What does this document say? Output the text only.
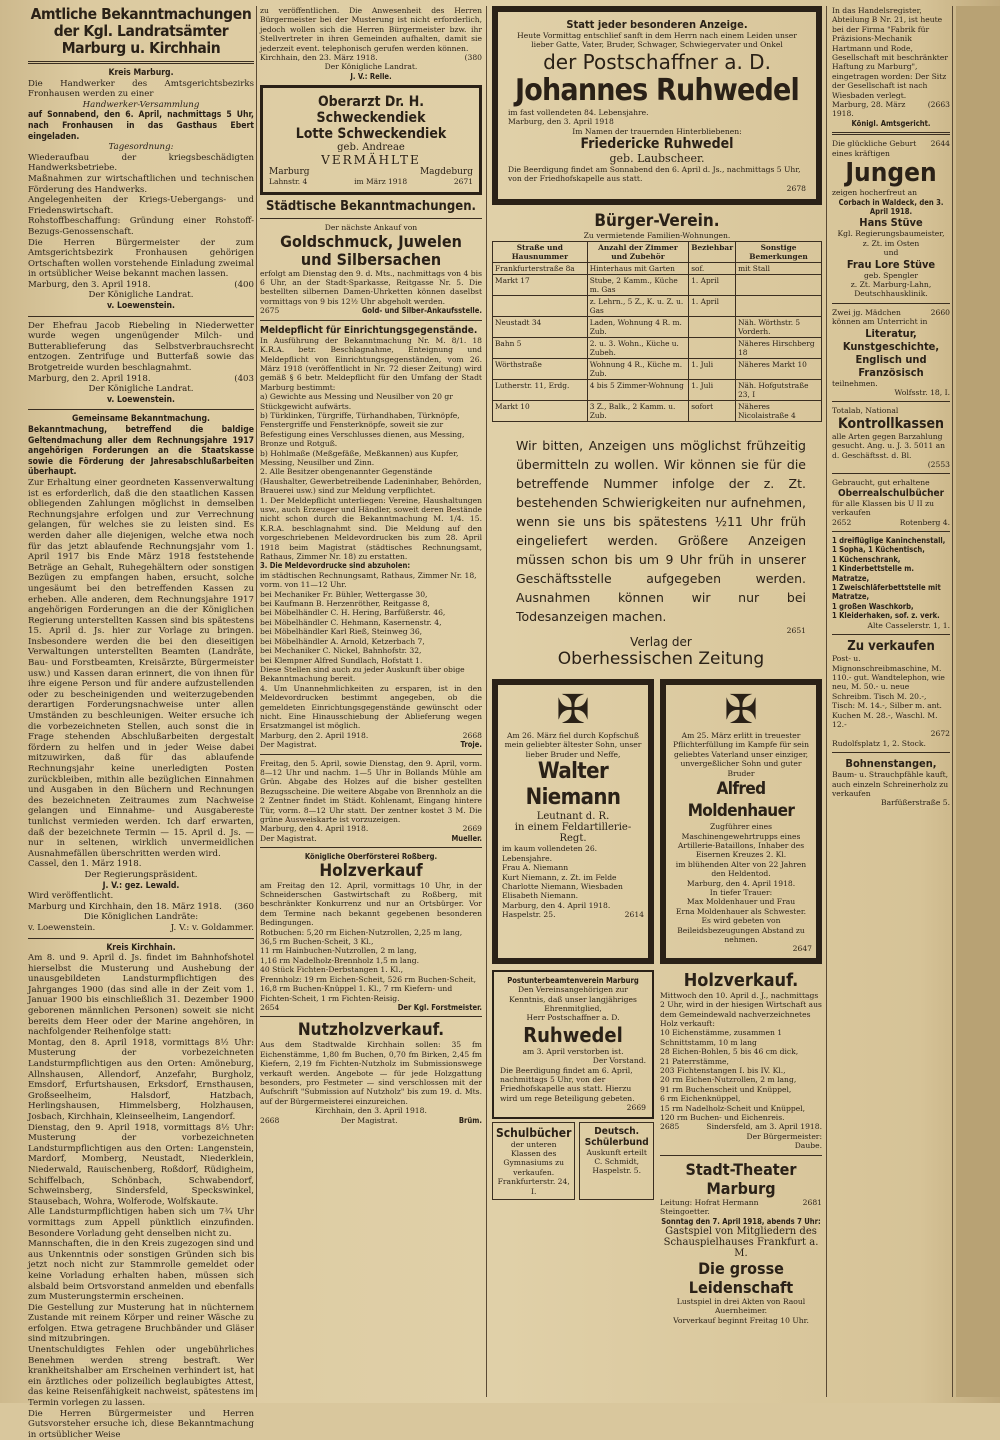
Amtliche Bekanntmachungen der Kgl. Landratsämter Marburg u. Kirchhain
Kreis Marburg.
Die Handwerker des Amtsgerichtsbezirks Fronhausen werden zu einer
Handwerker-Versammlung
auf Sonnabend, den 6. April, nachmittags 5 Uhr, nach Fronhausen in das Gasthaus Ebert eingeladen.
Tagesordnung:
Wiederaufbau der kriegsbeschädigten Handwerksbetriebe.
Maßnahmen zur wirtschaftlichen und technischen Förderung des Handwerks.
Angelegenheiten der Kriegs-Uebergangs- und Friedenswirtschaft.
Rohstoffbeschaffung: Gründung einer Rohstoff-Bezugs-Genossenschaft.
Die Herren Bürgermeister der zum Amtsgerichtsbezirk Fronhausen gehörigen Ortschaften wollen vorstehende Einladung zweimal in ortsüblicher Weise bekannt machen lassen.
Marburg, den 3. April 1918.	(400
Der Königliche Landrat.
v. Loewenstein.
Der Ehefrau Jacob Riebeling in Niederwetter wurde wegen ungenügender Milch- und Butterablieferung das Selbstverbrauchsrecht entzogen. Zentrifuge und Butterfaß sowie das Brotgetreide wurden beschlagnahmt.
Marburg, den 2. April 1918.	(403
Der Königliche Landrat.
v. Loewenstein.
Gemeinsame Bekanntmachung.
Bekanntmachung, betreffend die baldige Geltendmachung aller dem Rechnungsjahre 1917 angehörigen Forderungen an die Staatskasse sowie die Förderung der Jahresabschlußarbeiten überhaupt.
Zur Erhaltung einer geordneten Kassenverwaltung ist es erforderlich, daß die den staatlichen Kassen obliegenden Zahlungen möglichst in demselben Rechnungsjahre erfolgen und zur Verrechnung gelangen, für welches sie zu leisten sind. Es werden daher alle diejenigen, welche etwa noch für das jetzt ablaufende Rechnungsjahr vom 1. April 1917 bis Ende März 1918 feststehende Beträge an Gehalt, Ruhegehältern oder sonstigen Bezügen zu empfangen haben, ersucht, solche ungesäumt bei den betreffenden Kassen zu erheben. Alle anderen, dem Rechnungsjahre 1917 angehörigen Forderungen an die der Königlichen Regierung unterstellten Kassen sind bis spätestens 15. April d. Js. hier zur Vorlage zu bringen. Insbesondere werden die bei den dieseitigen Verwaltungen unterstellten Beamten (Landräte, Bau- und Forstbeamten, Kreisärzte, Bürgermeister usw.) und Kassen daran erinnert, die von ihnen für ihre eigene Person und für andere aufzustellenden oder zu bescheinigenden und weiterzugebenden derartigen Forderungsnachweise unter allen Umständen zu beschleunigen. Weiter ersuche ich die vorbezeichneten Stellen, auch sonst die in Frage stehenden Abschlußarbeiten dergestalt fördern zu helfen und in jeder Weise dabei mitzuwirken, daß für das ablaufende Rechnungsjahr keine unerledigten Posten zurückbleiben, mithin alle bezüglichen Einnahmen und Ausgaben in den Büchern und Rechnungen des bezeichneten Zeitraumes zum Nachweise gelangen und Einnahme- und Ausgabereste tunlichst vermieden werden. Ich darf erwarten, daß der bezeichnete Termin — 15. April d. Js. — nur in seltenen, wirklich unvermeidlichen Ausnahmefällen überschritten werden wird.
Cassel, den 1. März 1918.
Der Regierungspräsident.
J. V.: gez. Lewald.
Wird veröffentlicht.
Marburg und Kirchhain, den 18. März 1918. (360
Die Königlichen Landräte:
v. Loewenstein.	J. V.: v. Goldammer.
Kreis Kirchhain.
Am 8. und 9. April d. Js. findet im Bahnhofshotel hierselbst die Musterung und Aushebung der unausgebildeten Landsturmpflichtigen des Jahrganges 1900 (das sind alle in der Zeit vom 1. Januar 1900 bis einschließlich 31. Dezember 1900 geborenen männlichen Personen) soweit sie nicht bereits dem Heer oder der Marine angehören, in nachfolgender Reihenfolge statt:
Montag, den 8. April 1918, vormittags 8½ Uhr: Musterung der vorbezeichneten Landsturmpflichtigen aus den Orten: Amöneburg, Allnshausen, Allendorf, Anzefahr, Burgholz, Emsdorf, Erfurtshausen, Erksdorf, Ernsthausen, Großseelheim, Halsdorf, Hatzbach, Herlingshausen, Himmelsberg, Holzhausen, Josbach, Kirchhain, Kleinseelheim, Langendorf.
Dienstag, den 9. April 1918, vormittags 8½ Uhr: Musterung der vorbezeichneten Landsturmpflichtigen aus den Orten: Langenstein, Mardorf, Momberg, Neustadt, Niederklein, Niederwald, Rauischenberg, Roßdorf, Rüdigheim, Schiffelbach, Schönbach, Schwabendorf, Schweinsberg, Sindersfeld, Speckswinkel, Stausebach, Wohra, Wolferode, Wolfskaute.
Alle Landsturmpflichtigen haben sich um 7¾ Uhr vormittags zum Appell pünktlich einzufinden. Besondere Vorladung geht denselben nicht zu.
Mannschaften, die in den Kreis zugezogen sind und aus Unkenntnis oder sonstigen Gründen sich bis jetzt noch nicht zur Stammrolle gemeldet oder keine Vorladung erhalten haben, müssen sich alsbald beim Ortsvorstand anmelden und ebenfalls zum Musterungstermin erscheinen.
Die Gestellung zur Musterung hat in nüchternem Zustande mit reinem Körper und reiner Wäsche zu erfolgen. Etwa getragene Bruchbänder und Gläser sind mitzubringen.
Unentschuldigtes Fehlen oder ungebührliches Benehmen werden streng bestraft. Wer krankheitshalber am Erscheinen verhindert ist, hat ein ärztliches oder polizeilich beglaubigtes Attest, das keine Reisenfähigkeit nachweist, spätestens im Termin vorlegen zu lassen.
Die Herren Bürgermeister und Herren Gutsvorsteher ersuche ich, diese Bekanntmachung in ortsüblicher Weise
zu veröffentlichen. Die Anwesenheit des Herren Bürgermeister bei der Musterung ist nicht erforderlich, jedoch wollen sich die Herren Bürgermeister bzw. ihr Stellvertreter in ihren Gemeinden aufhalten, damit sie jederzeit event. telephonisch gerufen werden können.
Kirchhain, den 23. März 1918.	(380
Der Königliche Landrat.
J. V.: Relle.
Oberarzt Dr. H. Schweckendiek
Lotte Schweckendiek
geb. Andreae
VERMÄHLTE
Marburg	Magdeburg
Lahnstr. 4	im März 1918	2671
Städtische Bekanntmachungen.
Der nächste Ankauf von
Goldschmuck, Juwelen
und Silbersachen
erfolgt am Dienstag den 9. d. Mts., nachmittags von 4 bis 6 Uhr, an der Stadt-Sparkasse, Reitgasse Nr. 5. Die bestellten silbernen Damen-Uhrketten können daselbst vormittags von 9 bis 12½ Uhr abgeholt werden.
2675	Gold- und Silber-Ankaufsstelle.
Meldepflicht für Einrichtungsgegenstände.
In Ausführung der Bekanntmachung Nr. M. 8/1. 18 K.R.A. betr. Beschlagnahme, Enteignung und Meldepflicht von Einrichtungsgegenständen, vom 26. März 1918 (veröffentlicht in Nr. 72 dieser Zeitung) wird gemäß § 6 betr. Meldepflicht für den Umfang der Stadt Marburg bestimmt:
a) Gewichte aus Messing und Neusilber von 20 gr Stückgewicht aufwärts.
b) Türklinken, Türgriffe, Türhandhaben, Türknöpfe, Fenstergriffe und Fensterknöpfe, soweit sie zur Befestigung eines Verschlusses dienen, aus Messing, Bronze und Rotguß.
b) Hohlmaße (Meßgefäße, Meßkannen) aus Kupfer, Messing, Neusilber und Zinn.
2. Alle Besitzer obengenannter Gegenstände (Haushalter, Gewerbetreibende Ladeninhaber, Behörden, Brauerei usw.) sind zur Meldung verpflichtet.
1. Der Meldepflicht unterliegen: Vereine, Haushaltungen usw., auch Erzeuger und Händler, soweit deren Bestände nicht schon durch die Bekanntmachung M. 1/4. 15. K.R.A. beschlagnahmt sind. Die Meldung auf den vorgeschriebenen Meldevordrucken bis zum 28. April 1918 beim Magistrat (städtisches Rechnungsamt, Rathaus, Zimmer Nr. 18) zu erstatten.
3. Die Meldevordrucke sind abzuholen:
im städtischen Rechnungsamt, Rathaus, Zimmer Nr. 18, vorm. von 11—12 Uhr.
bei Mechaniker Fr. Bühler, Wettergasse 30,
bei Kaufmann B. Herzenröther, Reitgasse 8,
bei Möbelhändler C. H. Hering, Barfüßerstr. 46,
bei Möbelhändler C. Hehmann, Kasernenstr. 4,
bei Möbelhändler Karl Rieß, Steinweg 36,
bei Möbelhändler A. Arnold, Ketzerbach 7,
bei Mechaniker C. Nickel, Bahnhofstr. 32,
bei Klempner Alfred Sundlach, Hofstatt 1.
Diese Stellen sind auch zu jeder Auskunft über obige Bekanntmachung bereit.
4. Um Unannehmlichkeiten zu ersparen, ist in den Meldevordrucken bestimmt angegeben, ob die gemeldeten Einrichtungsgegenstände gewünscht oder nicht. Eine Hinausschiebung der Ablieferung wegen Ersatzmangel ist möglich.
Marburg, den 2. April 1918.	2668
Der Magistrat.	Troje.
Freitag, den 5. April, sowie Dienstag, den 9. April, vorm. 8—12 Uhr und nachm. 1—5 Uhr in Bollands Mühle am Grün. Abgabe des Holzes auf die bisher gestellten Bezugsscheine. Die weitere Abgabe von Brennholz an die 2 Zentner findet im Städt. Kohlenamt, Eingang hintere Tür, vorm. 8—12 Uhr statt. Der zentner kostet 3 M. Die grüne Ausweiskarte ist vorzuzeigen.
Marburg, den 4. April 1918.	2669
Der Magistrat.	Mueller.
Königliche Oberförsterei Roßberg.
Holzverkauf
am Freitag den 12. April, vormittags 10 Uhr, in der Schneiderschen Gastwirtschaft zu Roßberg, mit beschränkter Konkurrenz und nur an Ortsbürger. Vor dem Termine nach bekannt gegebenen besonderen Bedingungen.
Rotbuchen: 5,20 rm Eichen-Nutzrollen, 2,25 m lang,
36,5 rm Buchen-Scheit, 3 Kl.,
11 rm Hainbuchen-Nutzrollen, 2 m lang,
1,16 rm Nadelholz-Brennholz 1,5 m lang.
40 Stück Fichten-Derbstangen 1. Kl.,
Frennholz: 19 rm Eichen-Scheit, 526 rm Buchen-Scheit, 16,8 rm Buchen-Knüppel 1. Kl., 7 rm Kiefern- und Fichten-Scheit, 1 rm Fichten-Reisig.
2654	Der Kgl. Forstmeister.
Nutzholzverkauf.
Aus dem Stadtwalde Kirchhain sollen: 35 fm Eichenstämme, 1,80 fm Buchen, 0,70 fm Birken, 2,45 fm Kiefern, 2,19 fm Fichten-Nutzholz im Submissionswege verkauft werden. Angebote — für jede Holzgattung besonders, pro Festmeter — sind verschlossen mit der Aufschrift "Submission auf Nutzholz" bis zum 19. d. Mts. auf der Bürgermeisterei einzureichen.
Kirchhain, den 3. April 1918.
2668	Der Magistrat.	Brüm.
Statt jeder besonderen Anzeige.
Heute Vormittag entschlief sanft in dem Herrn nach einem Leiden unser lieber Gatte, Vater, Bruder, Schwager, Schwiegervater und Onkel
der Postschaffner a. D.
Johannes Ruhwedel
im fast vollendeten 84. Lebensjahre.
Marburg, den 3. April 1918
Im Namen der trauernden Hinterbliebenen:
Friedericke Ruhwedel
geb. Laubscheer.
Die Beerdigung findet am Sonnabend den 6. April d. Js., nachmittags 5 Uhr, von der Friedhofskapelle aus statt.
2678
Bürger-Verein.
Zu vermietende Familien-Wohnungen.
Straße und Hausnummer	Anzahl der Zimmer und Zubehör	Beziehbar	Sonstige Bemerkungen
Frankfurterstraße 8a	Hinterhaus mit Garten	sof.	mit Stall
Markt 17	Stube, 2 Kamm., Küche m. Gas	1. April	
	z. Lehrn., 5 Z., K. u. Z. u. Gas	1. April	
Neustadt 34	Laden, Wohnung 4 R. m. Zub.		Näh. Wörthstr. 5 Vorderh.
Bahn 5	2. u. 3. Wohn., Küche u. Zubeh.		Näheres Hirschberg 18
Wörthstraße	Wohnung 4 R., Küche m. Zub.	1. Juli	Näheres Markt 10
Lutherstr. 11, Erdg.	4 bis 5 Zimmer-Wohnung	1. Juli	Näh. Hofgutstraße 23, I
Markt 10	3 Z., Balk., 2 Kamm. u. Zub.	sofort	Näheres Nicolaistraße 4
Wir bitten, Anzeigen uns möglichst frühzeitig übermitteln zu wollen. Wir können sie für die betreffende Nummer infolge der z. Zt. bestehenden Schwierigkeiten nur aufnehmen, wenn sie uns bis spätestens ½11 Uhr früh eingeliefert werden. Größere Anzeigen müssen schon bis um 9 Uhr früh in unserer Geschäftsstelle aufgegeben werden. Ausnahmen können wir nur bei Todesanzeigen machen.
2651
Verlag der
Oberhessischen Zeitung
✠
Am 26. März fiel durch Kopfschuß mein geliebter ältester Sohn, unser lieber Bruder und Neffe,
Walter Niemann
Leutnant d. R.
in einem Feldartillerie-Regt.
im kaum vollendeten 26. Lebensjahre.
Frau A. Niemann
Kurt Niemann, z. Zt. im Felde
Charlotte Niemann, Wiesbaden
Elisabeth Niemann.
Marburg, den 4. April 1918.
Haspelstr. 25.	2614
✠
Am 25. März erlitt in treuester Pflichterfüllung im Kampfe für sein geliebtes Vaterland unser einziger, unvergeßlicher Sohn und guter Bruder
Alfred Moldenhauer
Zugführer eines Maschinengewehrtrupps eines Artillerie-Bataillons, Inhaber des Eisernen Kreuzes 2. Kl.
im blühenden Alter von 22 Jahren den Heldentod.
Marburg, den 4. April 1918.
In tiefer Trauer:
Max Moldenhauer und Frau
Erna Moldenhauer als Schwester.
Es wird gebeten von Beileidsbezeugungen Abstand zu nehmen.
2647
Postunterbeamtenverein Marburg
Den Vereinsangehörigen zur Kenntnis, daß unser langjähriges Ehrenmitglied,
Herr Postschaffner a. D.
Ruhwedel
am 3. April verstorben ist.
Der Vorstand.
Die Beerdigung findet am 6. April, nachmittags 5 Uhr, von der Friedhofskapelle aus statt. Hierzu wird um rege Beteiligung gebeten.
2669
Schulbücher
der unteren Klassen des Gymnasiums zu verkaufen.
Frankfurterstr. 24, I.
Deutsch. Schülerbund
Auskunft erteilt C. Schmidt, Haspelstr. 5.
Holzverkauf.
Mittwoch den 10. April d. J., nachmittags 2 Uhr, wird in der hiesigen Wirtschaft aus dem Gemeindewald nachverzeichnetes Holz verkauft:
10 Eichenstämme, zusammen 1 Schnittstamm, 10 m lang
28 Eichen-Bohlen, 5 bis 46 cm dick,
21 Paterrstämme,
203 Fichtenstangen I. bis IV. Kl.,
20 rm Eichen-Nutzrollen, 2 m lang,
91 rm Buchenscheit und Knüppel,
6 rm Eichenknüppel,
15 rm Nadelholz-Scheit und Knüppel,
120 rm Buchen- und Eichenreis.
2685	Sindersfeld, am 3. April 1918.
Der Bürgermeister:
Daube.
Stadt-Theater Marburg
Leitung: Hofrat Hermann Steingoetter.
2681
Sonntag den 7. April 1918, abends 7 Uhr:
Gastspiel von Mitgliedern des Schauspielhauses Frankfurt a. M.
Die grosse Leidenschaft
Lustspiel in drei Akten von Raoul Auernheimer.
Vorverkauf beginnt Freitag 10 Uhr.
In das Handelsregister, Abteilung B Nr. 21, ist heute bei der Firma "Fabrik für Präzisions-Mechanik Hartmann und Rode, Gesellschaft mit beschränkter Haftung zu Marburg", eingetragen worden: Der Sitz der Gesellschaft ist nach Wiesbaden verlegt.
Marburg, 28. März 1918.
(2663
Königl. Amtsgericht.
Die glückliche Geburt eines kräftigen
2644
Jungen
zeigen hocherfreut an
Corbach in Waldeck, den 3. April 1918.
Hans Stüve
Kgl. Regierungsbaumeister,
z. Zt. im Osten
und
Frau Lore Stüve
geb. Spengler
z. Zt. Marburg-Lahn, Deutschhausklinik.
Zwei jg. Mädchen können am Unterricht in
2660
Literatur, Kunstgeschichte, Englisch und Französisch
teilnehmen.
Wolfsstr. 18, I.
Totalab, National
Kontrollkassen
alle Arten gegen Barzahlung gesucht. Ang. u. J. 3. 5011 an d. Geschäftsst. d. Bl.
(2553
Gebraucht, gut erhaltene
Oberrealschulbücher
für alle Klassen bis U II zu verkaufen
2652	Rotenberg 4.
1 dreiflüglige Kaninchenstall,
1 Sopha, 1 Küchentisch,
1 Küchenschrank,
1 Kinderbettstelle m. Matratze,
1 Zweischläferbettstelle mit Matratze,
1 großen Waschkorb,
1 Kleiderhaken, sof. z. verk.
Alte Casselerstr. 1, 1.
Zu verkaufen
Post- u. Mignonschreibmaschine, M. 110.- gut. Wandtelephon, wie neu, M. 50.- u. neue Schreibm. Tisch M. 20.-, Tisch: M. 14.-, Silber m. ant. Kuchen M. 28.-, Waschl. M. 12.-
2672
Rudolfsplatz 1, 2. Stock.
Bohnenstangen,
Baum- u. Strauchpfähle kauft, auch einzeln Schreinerholz zu verkaufen
Barfüßerstraße 5.
